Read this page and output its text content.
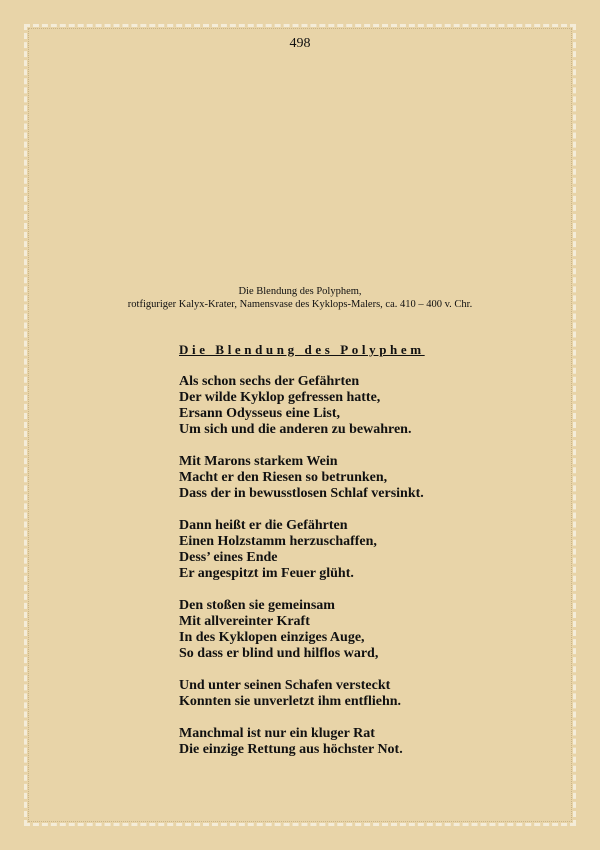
498
Die Blendung des Polyphem,
rotfiguriger Kalyx-Krater, Namensvase des Kyklops-Malers, ca. 410 – 400 v. Chr.
Die Blendung des Polyphem
Als schon sechs der Gefährten
Der wilde Kyklop gefressen hatte,
Ersann Odysseus eine List,
Um sich und die anderen zu bewahren.
Mit Marons starkem Wein
Macht er den Riesen so betrunken,
Dass der in bewusstlosen Schlaf versinkt.
Dann heißt er die Gefährten
Einen Holzstamm herzuschaffen,
Dess’ eines Ende
Er angespitzt im Feuer glüht.
Den stoßen sie gemeinsam
Mit allvereinter Kraft
In des Kyklopen einziges Auge,
So dass er blind und hilflos ward,
Und unter seinen Schafen versteckt
Konnten sie unverletzt ihm entfliehn.
Manchmal ist nur ein kluger Rat
Die einzige Rettung aus höchster Not.
